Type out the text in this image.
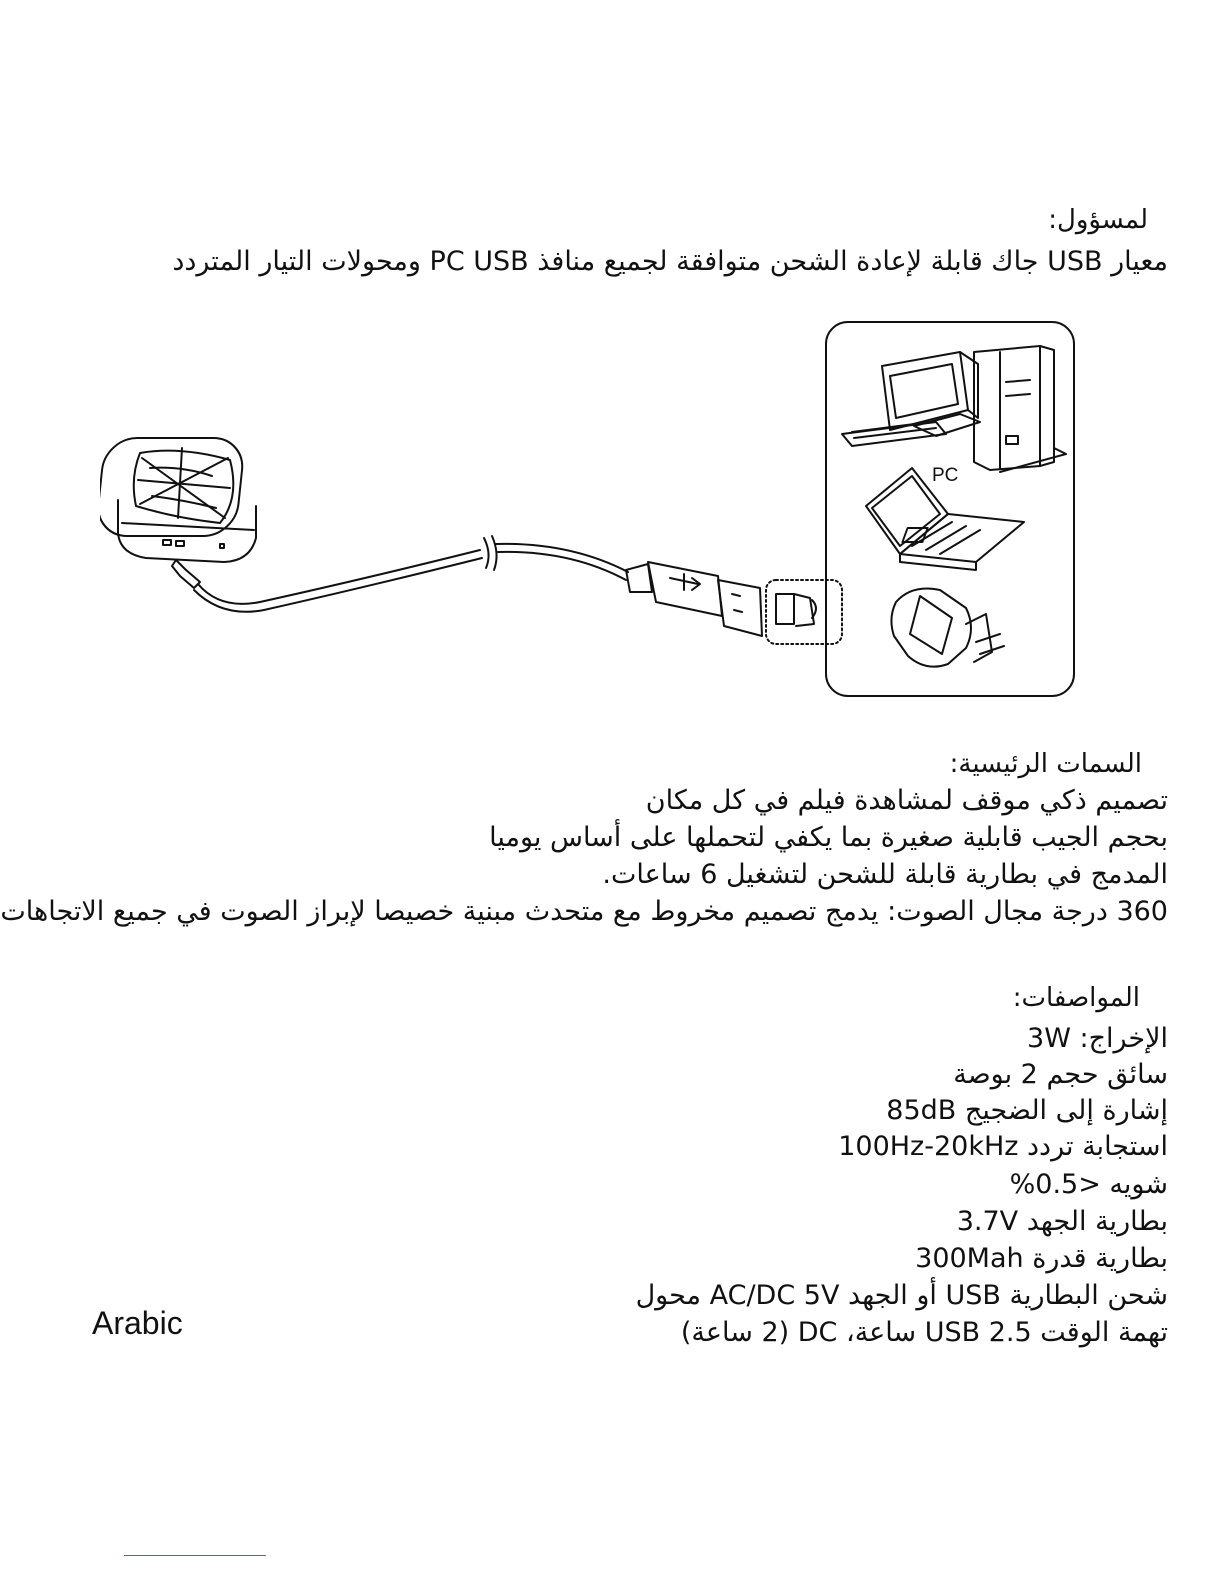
لمسؤول:
معيار USB جاك قابلة لإعادة الشحن متوافقة لجميع منافذ PC USB ومحولات التيار المتردد
PC
السمات الرئيسية:
تصميم ذكي موقف لمشاهدة فيلم في كل مكان
بحجم الجيب قابلية صغيرة بما يكفي لتحملها على أساس يوميا
المدمج في بطارية قابلة للشحن لتشغيل 6 ساعات.
360 درجة مجال الصوت: يدمج تصميم مخروط مع متحدث مبنية خصيصا لإبراز الصوت في جميع الاتجاهات
المواصفات:
الإخراج: 3W
سائق حجم 2 بوصة
إشارة إلى الضجيج 85dB
استجابة تردد 100Hz-20kHz
شويه <0.5%
بطارية الجهد 3.7V
بطارية قدرة 300Mah
شحن البطارية USB أو الجهد AC/DC 5V محول
تهمة الوقت USB 2.5 ساعة، DC (2 ساعة)
Arabic
